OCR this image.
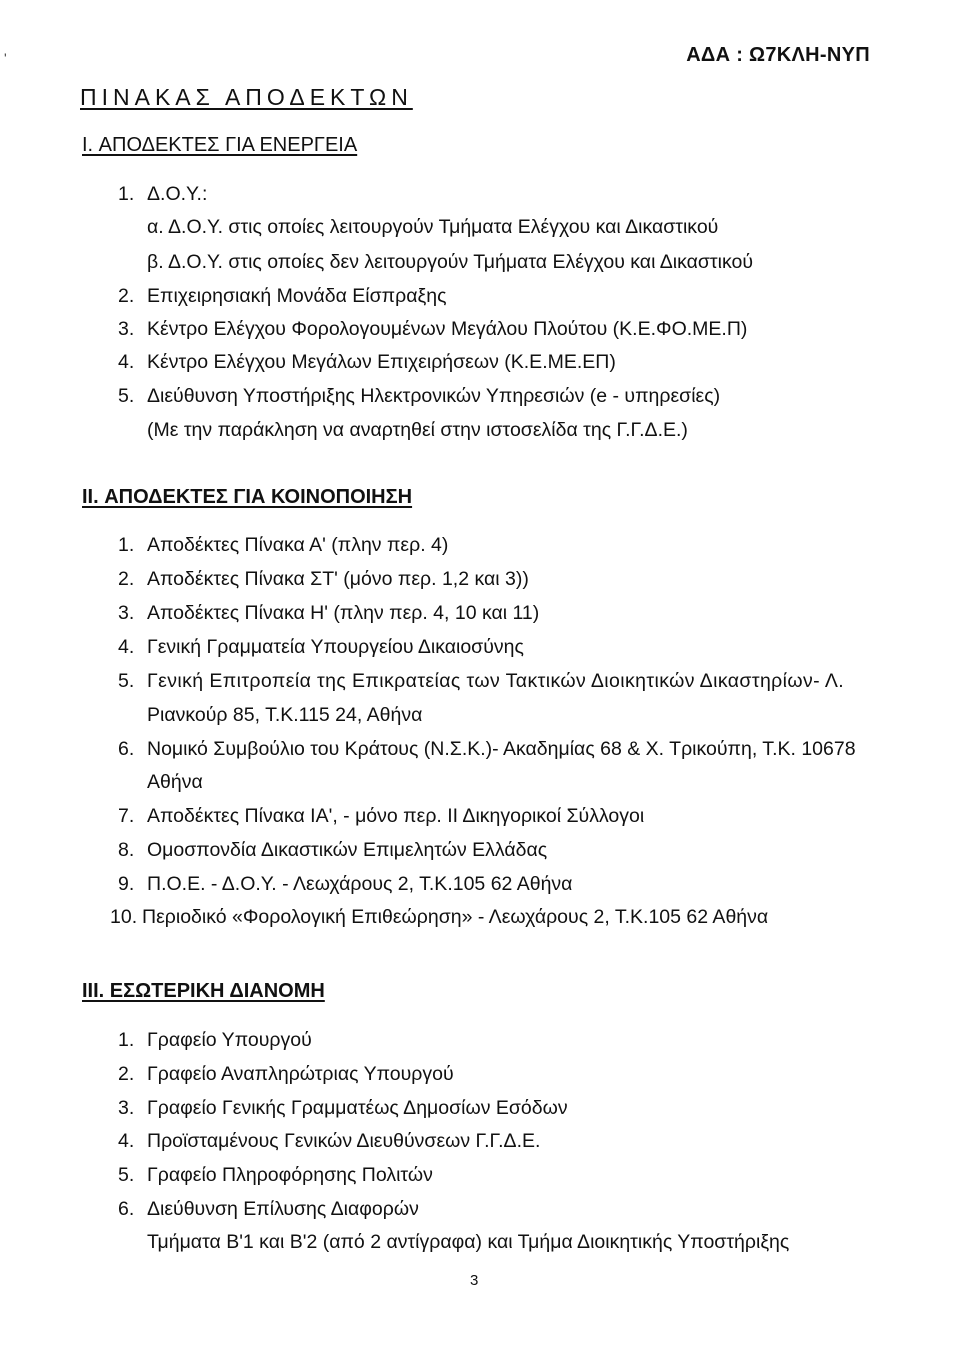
ʹ	ΑΔΑ : Ω7ΚΛΗ-ΝΥΠ
ΠΙΝΑΚΑΣ ΑΠΟΔΕΚΤΩΝ
I. ΑΠΟΔΕΚΤΕΣ ΓΙΑ ΕΝΕΡΓΕΙΑ
1. Δ.Ο.Υ.:
α. Δ.Ο.Υ. στις οποίες λειτουργούν Τμήματα Ελέγχου και Δικαστικού
β. Δ.Ο.Υ. στις οποίες δεν λειτουργούν Τμήματα Ελέγχου και Δικαστικού
2. Επιχειρησιακή Μονάδα Είσπραξης
3. Κέντρο Ελέγχου Φορολογουμένων Μεγάλου Πλούτου (Κ.Ε.ΦΟ.ΜΕ.Π)
4. Κέντρο Ελέγχου Μεγάλων Επιχειρήσεων (Κ.Ε.ΜΕ.ΕΠ)
5. Διεύθυνση Υποστήριξης Ηλεκτρονικών Υπηρεσιών (e - υπηρεσίες)
(Με την παράκληση να αναρτηθεί στην ιστοσελίδα της Γ.Γ.Δ.Ε.)
II. ΑΠΟΔΕΚΤΕΣ ΓΙΑ ΚΟΙΝΟΠΟΙΗΣΗ
1. Αποδέκτες Πίνακα Α' (πλην περ. 4)
2. Αποδέκτες Πίνακα ΣΤ' (μόνο περ. 1,2 και 3))
3. Αποδέκτες Πίνακα Η' (πλην περ. 4, 10 και 11)
4. Γενική Γραμματεία Υπουργείου Δικαιοσύνης
5. Γενική Επιτροπεία της Επικρατείας των Τακτικών Διοικητικών Δικαστηρίων- Λ.
Ριανκούρ 85, Τ.Κ.115 24, Αθήνα
6. Νομικό Συμβούλιο του Κράτους (Ν.Σ.Κ.)- Ακαδημίας 68 & Χ. Τρικούπη, Τ.Κ. 10678
Αθήνα
7. Αποδέκτες Πίνακα ΙΑ', - μόνο περ. ΙΙ Δικηγορικοί Σύλλογοι
8. Ομοσπονδία Δικαστικών Επιμελητών Ελλάδας
9. Π.Ο.Ε. - Δ.Ο.Υ. - Λεωχάρους 2, Τ.Κ.105 62 Αθήνα
10. Περιοδικό «Φορολογική Επιθεώρηση» - Λεωχάρους 2, Τ.Κ.105 62 Αθήνα
III. ΕΣΩΤΕΡΙΚΗ ΔΙΑΝΟΜΗ
1. Γραφείο Υπουργού
2. Γραφείο Αναπληρώτριας Υπουργού
3. Γραφείο Γενικής Γραμματέως Δημοσίων Εσόδων
4. Προϊσταμένους Γενικών Διευθύνσεων Γ.Γ.Δ.Ε.
5. Γραφείο Πληροφόρησης Πολιτών
6. Διεύθυνση Επίλυσης Διαφορών
Τμήματα Β'1 και Β'2 (από 2 αντίγραφα) και Τμήμα Διοικητικής Υποστήριξης
3
